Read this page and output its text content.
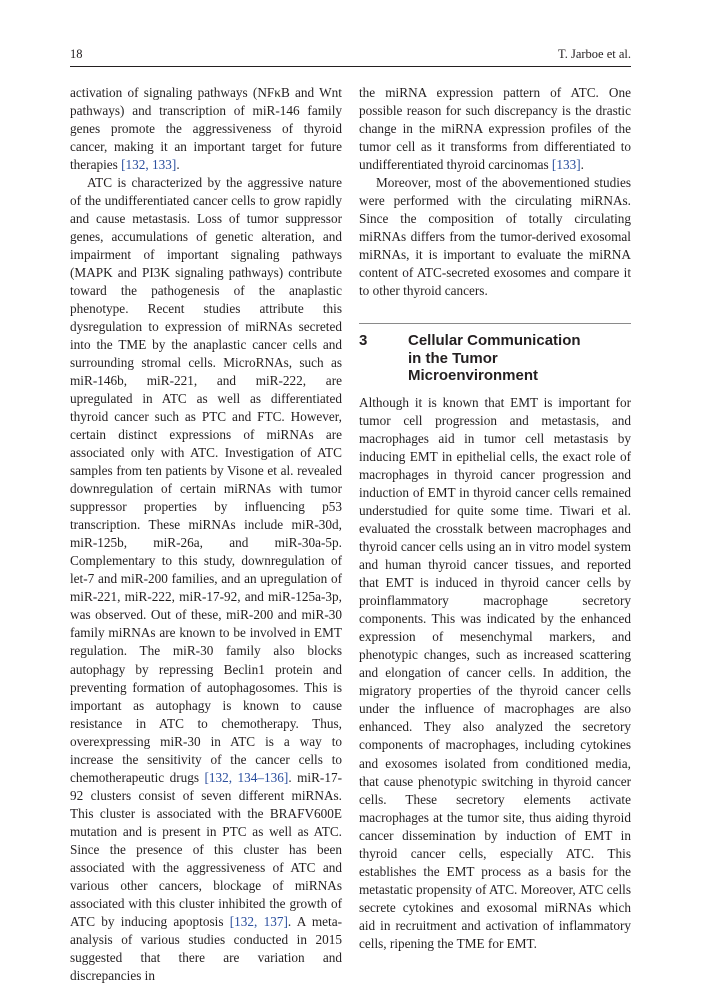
18	T. Jarboe et al.

activation of signaling pathways (NFκB and Wnt pathways) and transcription of miR-146 family genes promote the aggressiveness of thyroid cancer, making it an important target for future therapies [132, 133].

ATC is characterized by the aggressive nature of the undifferentiated cancer cells to grow rapidly and cause metastasis. Loss of tumor suppressor genes, accumulations of genetic alteration, and impairment of important signaling pathways (MAPK and PI3K signaling pathways) contribute toward the pathogenesis of the anaplastic phenotype. Recent studies attribute this dysregulation to expression of miRNAs secreted into the TME by the anaplastic cancer cells and surrounding stromal cells. MicroRNAs, such as miR-146b, miR-221, and miR-222, are upregulated in ATC as well as differentiated thyroid cancer such as PTC and FTC. However, certain distinct expressions of miRNAs are associated only with ATC. Investigation of ATC samples from ten patients by Visone et al. revealed downregulation of certain miRNAs with tumor suppressor properties by influencing p53 transcription. These miRNAs include miR-30d, miR-125b, miR-26a, and miR-30a-5p. Complementary to this study, downregulation of let-7 and miR-200 families, and an upregulation of miR-221, miR-222, miR-17-92, and miR-125a-3p, was observed. Out of these, miR-200 and miR-30 family miRNAs are known to be involved in EMT regulation. The miR-30 family also blocks autophagy by repressing Beclin1 protein and preventing formation of autophagosomes. This is important as autophagy is known to cause resistance in ATC to chemotherapy. Thus, overexpressing miR-30 in ATC is a way to increase the sensitivity of the cancer cells to chemotherapeutic drugs [132, 134–136]. miR-17-92 clusters consist of seven different miRNAs. This cluster is associated with the BRAFV600E mutation and is present in PTC as well as ATC. Since the presence of this cluster has been associated with the aggressiveness of ATC and various other cancers, blockage of miRNAs associated with this cluster inhibited the growth of ATC by inducing apoptosis [132, 137]. A meta-analysis of various studies conducted in 2015 suggested that there are variation and discrepancies in

the miRNA expression pattern of ATC. One possible reason for such discrepancy is the drastic change in the miRNA expression profiles of the tumor cell as it transforms from differentiated to undifferentiated thyroid carcinomas [133].

Moreover, most of the abovementioned studies were performed with the circulating miRNAs. Since the composition of totally circulating miRNAs differs from the tumor-derived exosomal miRNAs, it is important to evaluate the miRNA content of ATC-secreted exosomes and compare it to other thyroid cancers.

3	Cellular Communication
in the Tumor
Microenvironment

Although it is known that EMT is important for tumor cell progression and metastasis, and macrophages aid in tumor cell metastasis by inducing EMT in epithelial cells, the exact role of macrophages in thyroid cancer progression and induction of EMT in thyroid cancer cells remained understudied for quite some time. Tiwari et al. evaluated the crosstalk between macrophages and thyroid cancer cells using an in vitro model system and human thyroid cancer tissues, and reported that EMT is induced in thyroid cancer cells by proinflammatory macrophage secretory components. This was indicated by the enhanced expression of mesenchymal markers, and phenotypic changes, such as increased scattering and elongation of cancer cells. In addition, the migratory properties of the thyroid cancer cells under the influence of macrophages are also enhanced. They also analyzed the secretory components of macrophages, including cytokines and exosomes isolated from conditioned media, that cause phenotypic switching in thyroid cancer cells. These secretory elements activate macrophages at the tumor site, thus aiding thyroid cancer dissemination by induction of EMT in thyroid cancer cells, especially ATC. This establishes the EMT process as a basis for the metastatic propensity of ATC. Moreover, ATC cells secrete cytokines and exosomal miRNAs which aid in recruitment and activation of inflammatory cells, ripening the TME for EMT.
